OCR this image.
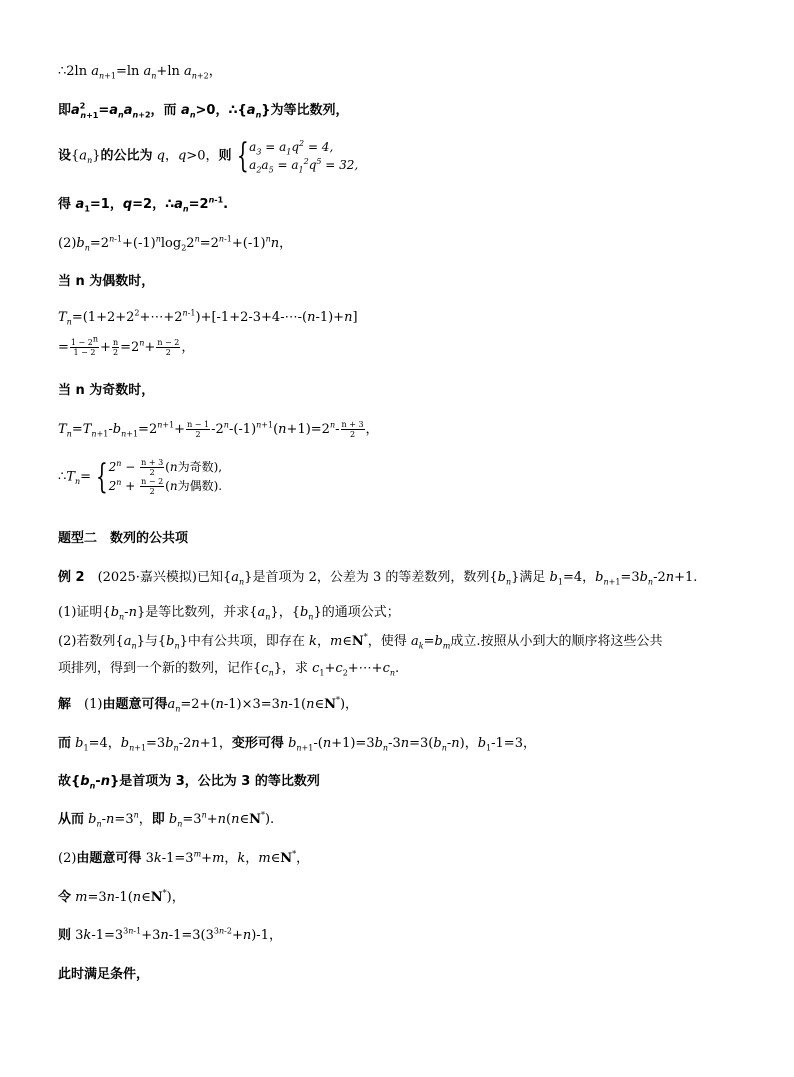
∴2ln $a_{n+1}=\ln$ $a_n+\ln$ $a_{n+2}$，
即$a^2_{n+1}=a_na_{n+2}$，而 $a_n>0$，$\therefore\{a_n\}$为等比数列，
设$\{a_n\}$的公比为 q，q>0，则 { $a_3 = a_1q^2 = 4$,
$a_2a_5 = a_1^2q^5 = 32$,
得 $a_1=1$，q=2，$\therefore a_n=2^{n-1}$.
$(2)b_n=2^{n-1}+(-1)^n\log_22^n=2^{n-1}+(-1)^nn$，
当 n 为偶数时，
$T_n=(1+2+2^2+\cdots+2^{n-1})+[-1+2-3+4-\cdots-(n-1)+n]$
= $\frac{1 - 2^n}{1 - 2} + \frac{n}{2} =2^n+ \frac{n - 2}{2}$ ，
当 n 为奇数时，
$T_n=T_{n+1}-b_{n+1}=2^{n+1}+ \frac{n - 1}{2} -2^n-(-1)^{n+1}(n+1)=2^n- \frac{n + 3}{2}$ ，
$\therefore T_n=$ { $2^n - \frac{n + 3}{2} (n$为奇数),
$2^n + \frac{n - 2}{2} (n$为偶数).
题型二　数列的公共项
例 2　 (2025·嘉兴模拟)已知$\{a_n\}$是首项为 2，公差为 3 的等差数列，数列$\{b_n\}$满足 $b_1=4$，$b_{n+1}=3b_n-2n+1$.
(1)证明$\{b_n-n\}$是等比数列，并求$\{a_n\}$，$\{b_n\}$的通项公式；
(2)若数列$\{a_n\}$与$\{b_n\}$中有公共项，即存在 k，m∈N*，使得 $a_k=b_m$成立.按照从小到大的顺序将这些公共
项排列，得到一个新的数列，记作$\{c_n\}$，求 $c_1+c_2+\cdots+c_n$.
解　(1)由题意可得$a_n=2+(n-1)\times 3=3n-1(n\in N^*)$，
而 $b_1=4$，$b_{n+1}=3b_n-2n+1$，变形可得 $b_{n+1}-(n+1)=3b_n-3n=3(b_n-n)$，$b_1-1=3$，
故$\{b_n-n\}$是首项为 3，公比为 3 的等比数列
从而 $b_n-n=3^n$，即 $b_n=3^n+n(n\in N^*)$.
(2)由题意可得 $3k-1=3^m+m$，k，m∈N*，
令 m=3n-1(n∈N*)，
则 $3k-1=3^{3n-1}+3n-1=3(3^{3n-2}+n)-1$，
此时满足条件，
